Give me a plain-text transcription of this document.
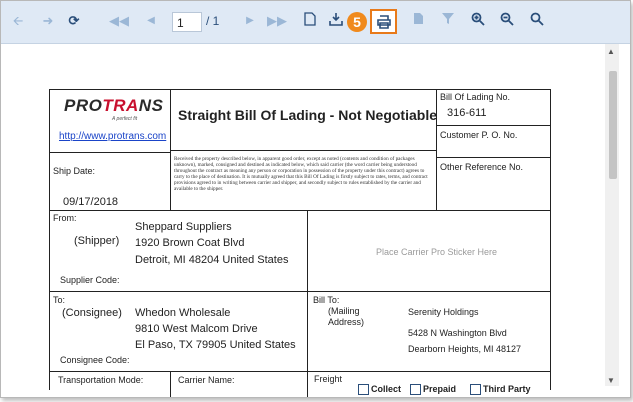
🡨 ➜ ⟳ ◀◀	◀	1	/ 1	▶	▶▶	5
PROTRANS
A perfect fit
http://www.protrans.com
Straight Bill Of Lading - Not Negotiable
Bill Of Lading No.
316-611
Customer P. O. No.
Other Reference No.
Ship Date:
09/17/2018
Received the property described below, in apparent good order, except as noted (contents and condition of packages unknown), marked, consigned and destined as indicated below, which said carrier (the word carrier being understood throughout the contract as meaning any person or corporation in possession of the property under this contract) agrees to carry to the place of destination. It is mutually agreed that this Bill Of Lading is firstly subject to rates, terms, and contract provisions agreed to in writing between carrier and shipper, and secondly subject to rules established by the carrier and available to the shipper.
From:
(Shipper)
Sheppard Suppliers
1920 Brown Coat Blvd
Detroit, MI 48204 United States
Supplier Code:
Place Carrier Pro Sticker Here
To:
(Consignee) Whedon Wholesale
9810 West Malcom Drive
El Paso, TX 79905 United States
Consignee Code:
Bill To:
(Mailing
Address)
Serenity Holdings
5428 N Washington Blvd
Dearborn Heights, MI 48127
Transportation Mode:	Carrier Name:	Freight
Collect	Prepaid	Third Party
▲
▼
